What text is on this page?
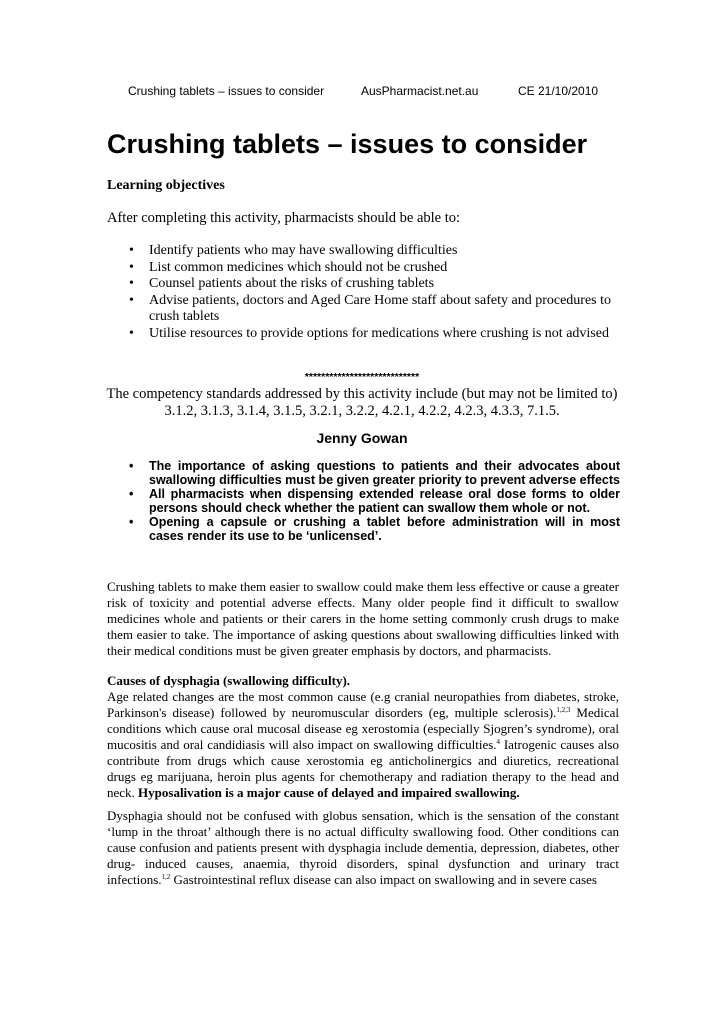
Crushing tablets – issues to consider	AusPharmacist.net.au	CE 21/10/2010
Crushing tablets – issues to consider
Learning objectives
After completing this activity, pharmacists should be able to:
• Identify patients who may have swallowing difficulties
• List common medicines which should not be crushed
• Counsel patients about the risks of crushing tablets
• Advise patients, doctors and Aged Care Home staff about safety and procedures to crush tablets
• Utilise resources to provide options for medications where crushing is not advised
****************************
The competency standards addressed by this activity include (but may not be limited to)
3.1.2, 3.1.3, 3.1.4, 3.1.5, 3.2.1, 3.2.2, 4.2.1, 4.2.2, 4.2.3, 4.3.3, 7.1.5.
Jenny Gowan
• The importance of asking questions to patients and their advocates about swallowing difficulties must be given greater priority to prevent adverse effects
• All pharmacists when dispensing extended release oral dose forms to older persons should check whether the patient can swallow them whole or not.
• Opening a capsule or crushing a tablet before administration will in most cases render its use to be ‘unlicensed’.
Crushing tablets to make them easier to swallow could make them less effective or cause a greater risk of toxicity and potential adverse effects. Many older people find it difficult to swallow medicines whole and patients or their carers in the home setting commonly crush drugs to make them easier to take. The importance of asking questions about swallowing difficulties linked with their medical conditions must be given greater emphasis by doctors, and pharmacists.
Causes of dysphagia (swallowing difficulty).
Age related changes are the most common cause (e.g cranial neuropathies from diabetes, stroke, Parkinson's disease) followed by neuromuscular disorders (eg, multiple sclerosis).$^{1,2,3}$ Medical conditions which cause oral mucosal disease eg xerostomia (especially Sjogren’s syndrome), oral mucositis and oral candidiasis will also impact on swallowing difficulties.$^4$ Iatrogenic causes also contribute from drugs which cause xerostomia eg anticholinergics and diuretics, recreational drugs eg marijuana, heroin plus agents for chemotherapy and radiation therapy to the head and neck. Hyposalivation is a major cause of delayed and impaired swallowing.
Dysphagia should not be confused with globus sensation, which is the sensation of the constant ‘lump in the throat’ although there is no actual difficulty swallowing food. Other conditions can cause confusion and patients present with dysphagia include dementia, depression, diabetes, other drug- induced causes, anaemia, thyroid disorders, spinal dysfunction and urinary tract infections.$^{1,2}$ Gastrointestinal reflux disease can also impact on swallowing and in severe cases
